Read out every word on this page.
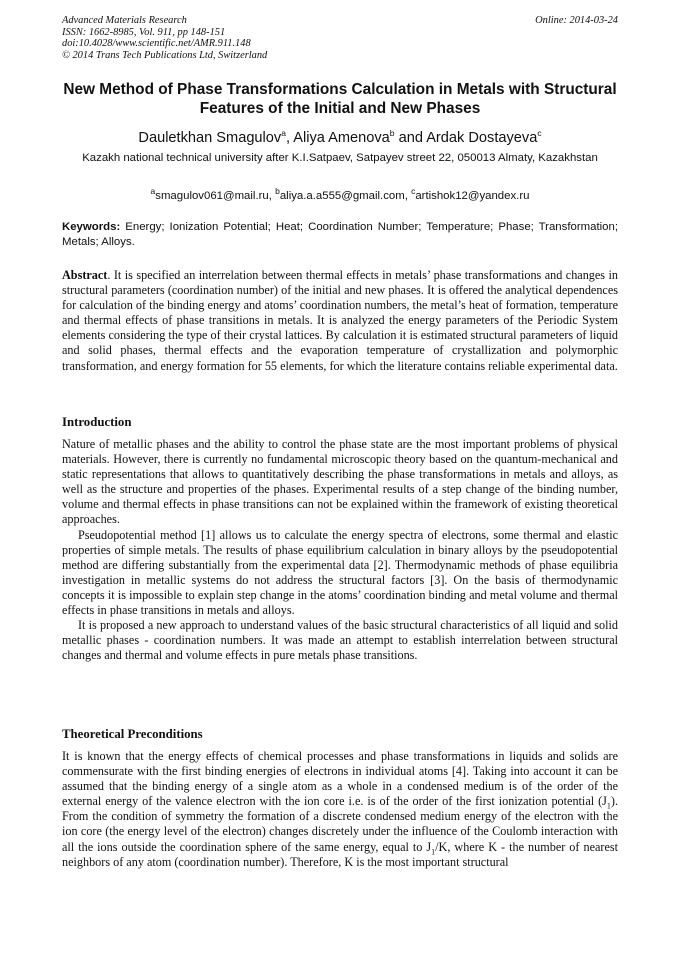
Advanced Materials Research
ISSN: 1662-8985, Vol. 911, pp 148-151
doi:10.4028/www.scientific.net/AMR.911.148
© 2014 Trans Tech Publications Ltd, Switzerland
Online: 2014-03-24
New Method of Phase Transformations Calculation in Metals with Structural Features of the Initial and New Phases
Dauletkhan Smagulov$^a$, Aliya Amenova$^b$ and Ardak Dostayeva$^c$
Kazakh national technical university after K.I.Satpaev, Satpayev street 22, 050013 Almaty, Kazakhstan
$^a$smagulov061@mail.ru, $^b$aliya.a.a555@gmail.com, $^c$artishok12@yandex.ru
Keywords: Energy; Ionization Potential; Heat; Coordination Number; Temperature; Phase; Transformation; Metals; Alloys.

Abstract. It is specified an interrelation between thermal effects in metals’ phase transformations and changes in structural parameters (coordination number) of the initial and new phases. It is offered the analytical dependences for calculation of the binding energy and atoms’ coordination numbers, the metal’s heat of formation, temperature and thermal effects of phase transitions in metals. It is analyzed the energy parameters of the Periodic System elements considering the type of their crystal lattices. By calculation it is estimated structural parameters of liquid and solid phases, thermal effects and the evaporation temperature of crystallization and polymorphic transformation, and energy formation for 55 elements, for which the literature contains reliable experimental data.

Introduction

Nature of metallic phases and the ability to control the phase state are the most important problems of physical materials. However, there is currently no fundamental microscopic theory based on the quantum-mechanical and static representations that allows to quantitatively describing the phase transformations in metals and alloys, as well as the structure and properties of the phases. Experimental results of a step change of the binding number, volume and thermal effects in phase transitions can not be explained within the framework of existing theoretical approaches.

Pseudopotential method [1] allows us to calculate the energy spectra of electrons, some thermal and elastic properties of simple metals. The results of phase equilibrium calculation in binary alloys by the pseudopotential method are differing substantially from the experimental data [2]. Thermodynamic methods of phase equilibria investigation in metallic systems do not address the structural factors [3]. On the basis of thermodynamic concepts it is impossible to explain step change in the atoms’ coordination binding and metal volume and thermal effects in phase transitions in metals and alloys.

It is proposed a new approach to understand values of the basic structural characteristics of all liquid and solid metallic phases - coordination numbers. It was made an attempt to establish interrelation between structural changes and thermal and volume effects in pure metals phase transitions.

Theoretical Preconditions

It is known that the energy effects of chemical processes and phase transformations in liquids and solids are commensurate with the first binding energies of electrons in individual atoms [4]. Taking into account it can be assumed that the binding energy of a single atom as a whole in a condensed medium is of the order of the external energy of the valence electron with the ion core i.e. is of the order of the first ionization potential $(J_1)$. From the condition of symmetry the formation of a discrete condensed medium energy of the electron with the ion core (the energy level of the electron) changes discretely under the influence of the Coulomb interaction with all the ions outside the coordination sphere of the same energy, equal to $J_1/K$, where K - the number of nearest neighbors of any atom (coordination number). Therefore, K is the most important structural
